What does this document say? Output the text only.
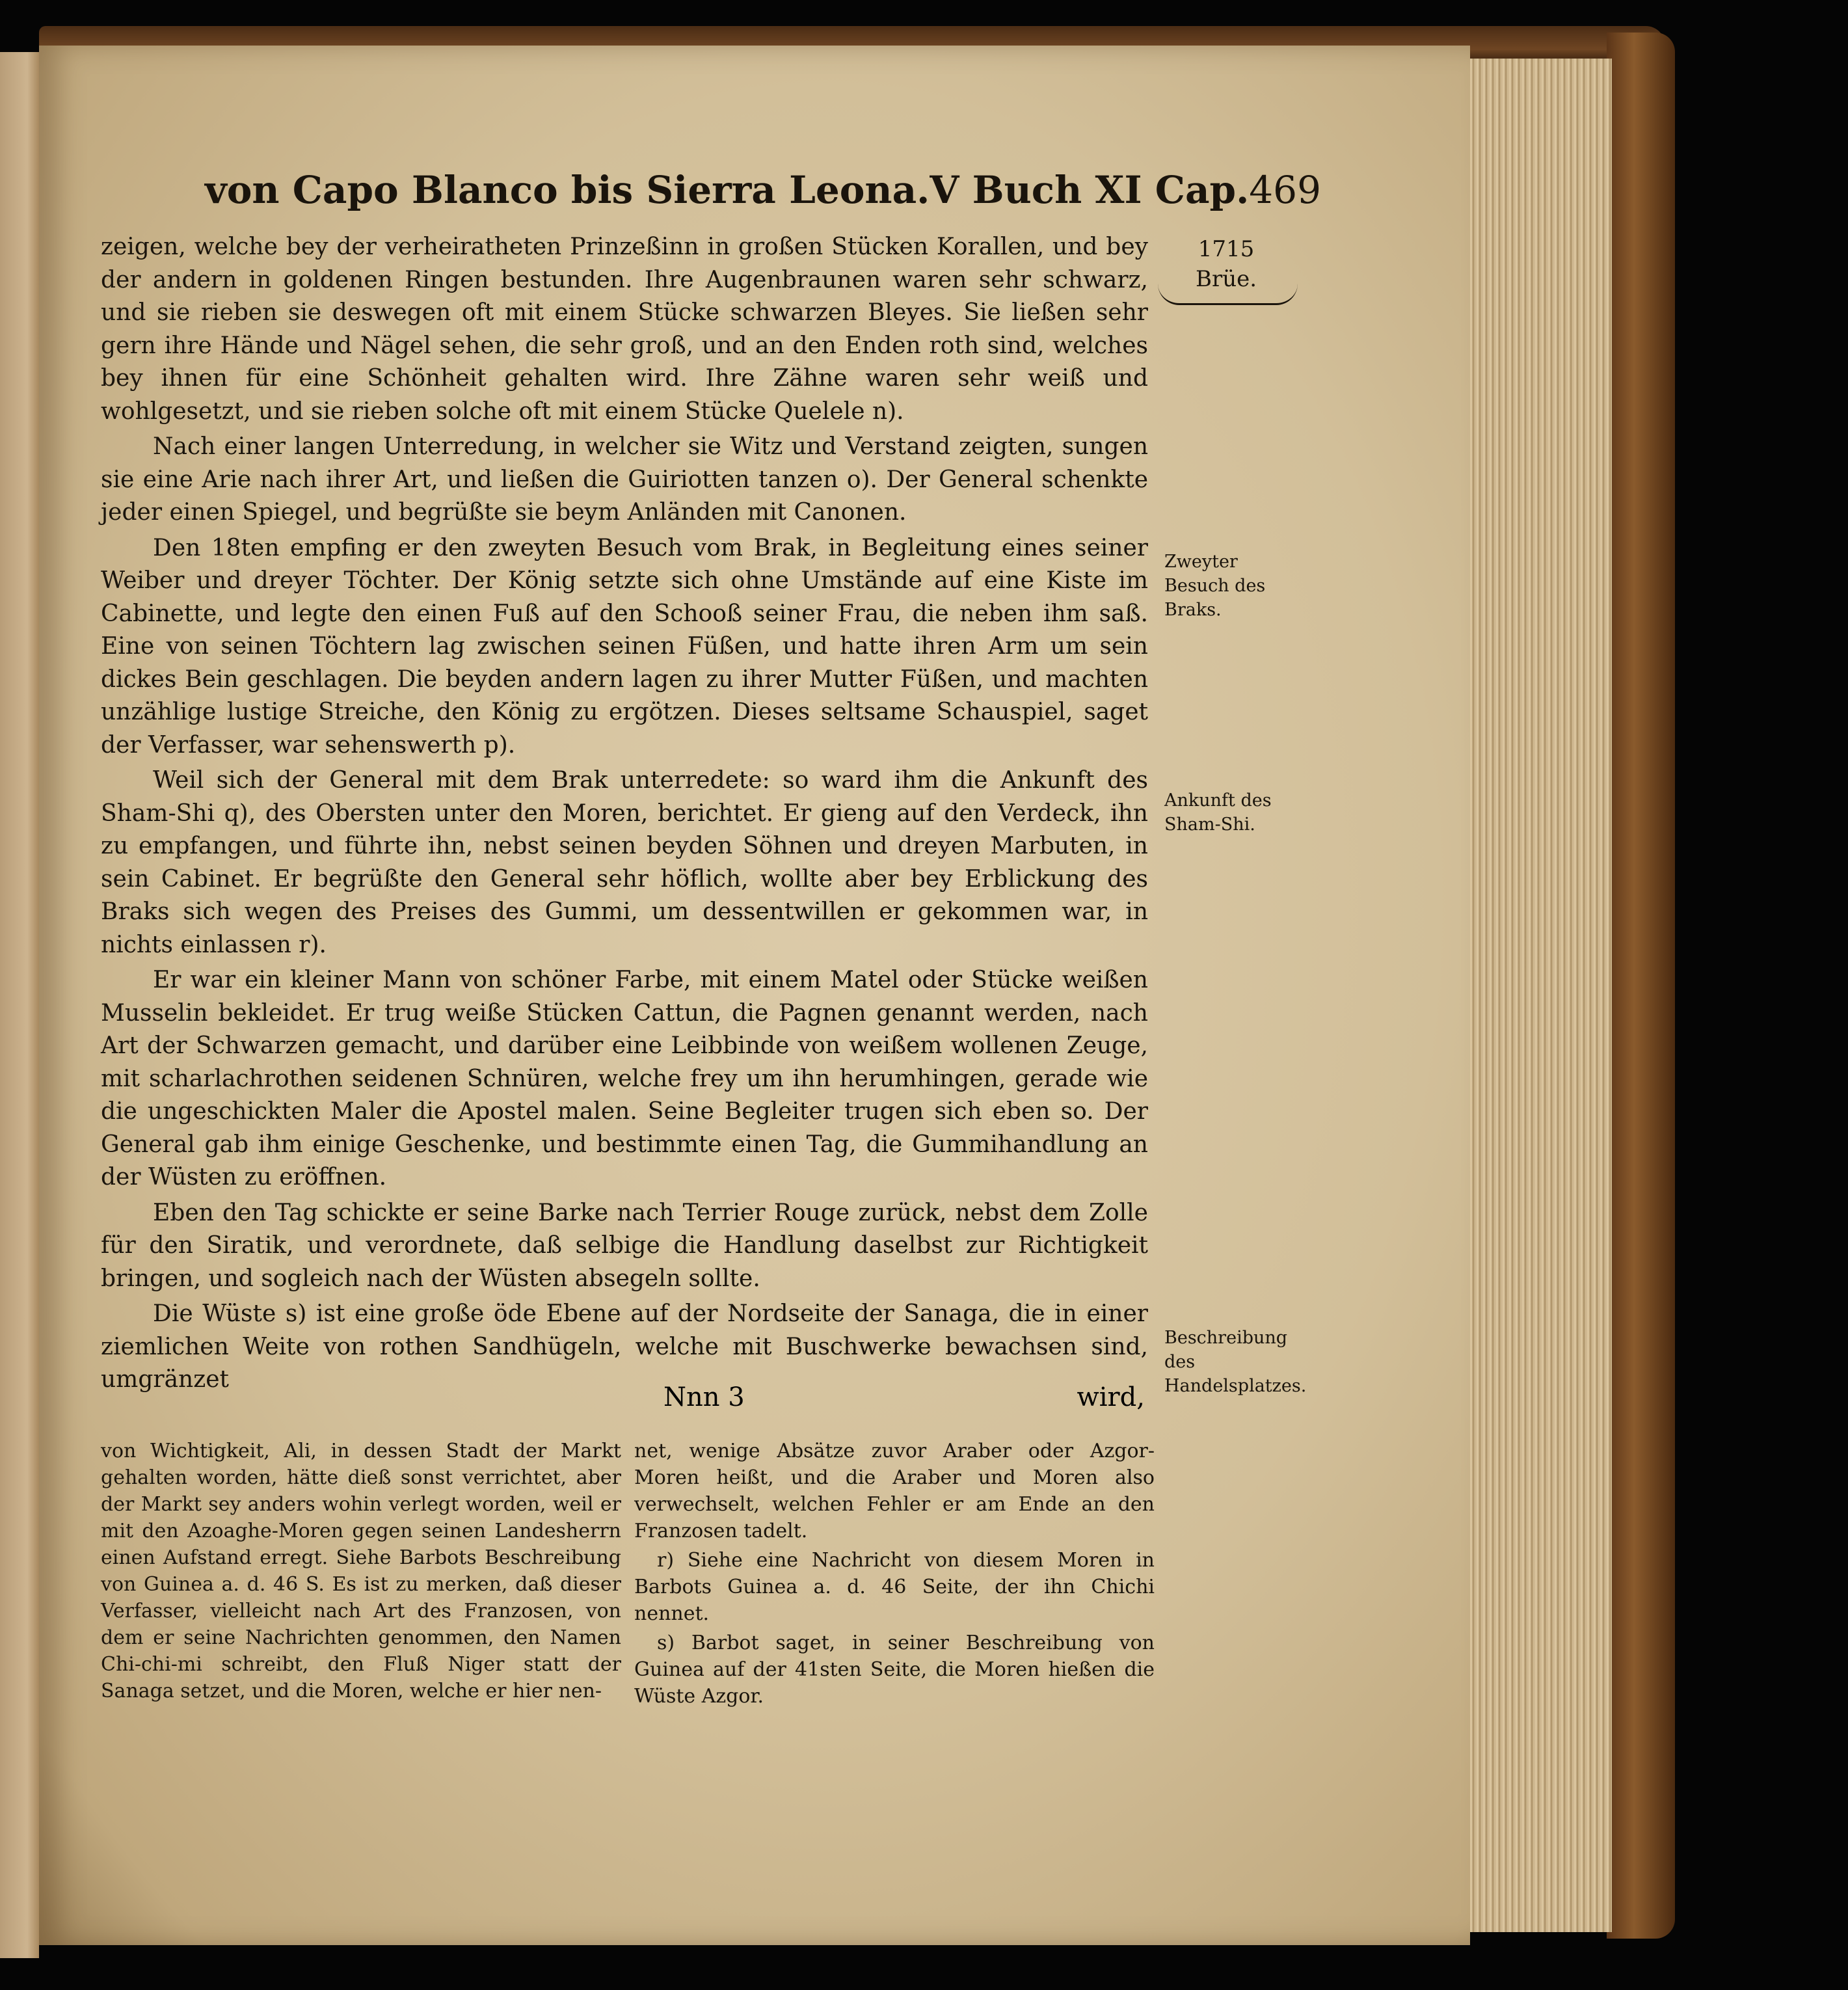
von Capo Blanco bis Sierra Leona. V Buch XI Cap. 469
1715
Brüe.

zeigen, welche bey der verheiratheten Prinzeßinn in großen Stücken Korallen, und bey der andern in goldenen Ringen bestunden. Ihre Augenbraunen waren sehr schwarz, und sie rieben sie deswegen oft mit einem Stücke schwarzen Bleyes. Sie ließen sehr gern ihre Hände und Nägel sehen, die sehr groß, und an den Enden roth sind, welches bey ihnen für eine Schönheit gehalten wird. Ihre Zähne waren sehr weiß und wohlgesetzt, und sie rieben solche oft mit einem Stücke Quelele n).

Nach einer langen Unterredung, in welcher sie Witz und Verstand zeigten, sungen sie eine Arie nach ihrer Art, und ließen die Guiriotten tanzen o). Der General schenkte jeder einen Spiegel, und begrüßte sie beym Anländen mit Canonen.

Den 18ten empfing er den zweyten Besuch vom Brak, in Begleitung eines seiner Weiber und dreyer Töchter. Der König setzte sich ohne Umstände auf eine Kiste im Cabinette, und legte den einen Fuß auf den Schooß seiner Frau, die neben ihm saß. Eine von seinen Töchtern lag zwischen seinen Füßen, und hatte ihren Arm um sein dickes Bein geschlagen. Die beyden andern lagen zu ihrer Mutter Füßen, und machten unzählige lustige Streiche, den König zu ergötzen. Dieses seltsame Schauspiel, saget der Verfasser, war sehenswerth p).

Weil sich der General mit dem Brak unterredete: so ward ihm die Ankunft des Sham-Shi q), des Obersten unter den Moren, berichtet. Er gieng auf den Verdeck, ihn zu empfangen, und führte ihn, nebst seinen beyden Söhnen und dreyen Marbuten, in sein Cabinet. Er begrüßte den General sehr höflich, wollte aber bey Erblickung des Braks sich wegen des Preises des Gummi, um dessentwillen er gekommen war, in nichts einlassen r).

Er war ein kleiner Mann von schöner Farbe, mit einem Matel oder Stücke weißen Musselin bekleidet. Er trug weiße Stücken Cattun, die Pagnen genannt werden, nach Art der Schwarzen gemacht, und darüber eine Leibbinde von weißem wollenen Zeuge, mit scharlachrothen seidenen Schnüren, welche frey um ihn herumhingen, gerade wie die ungeschickten Maler die Apostel malen. Seine Begleiter trugen sich eben so. Der General gab ihm einige Geschenke, und bestimmte einen Tag, die Gummihandlung an der Wüsten zu eröffnen.

Eben den Tag schickte er seine Barke nach Terrier Rouge zurück, nebst dem Zolle für den Siratik, und verordnete, daß selbige die Handlung daselbst zur Richtigkeit bringen, und sogleich nach der Wüsten absegeln sollte.

Die Wüste s) ist eine große öde Ebene auf der Nordseite der Sanaga, die in einer ziemlichen Weite von rothen Sandhügeln, welche mit Buschwerke bewachsen sind, umgränzet

Zweyter Besuch des Braks.
Ankunft des Sham-Shi.
Beschreibung des Handelsplatzes.
Nnn 3	wird,

von Wichtigkeit, Ali, in dessen Stadt der Markt gehalten worden, hätte dieß sonst verrichtet, aber der Markt sey anders wohin verlegt worden, weil er mit den Azoaghe-Moren gegen seinen Landesherrn einen Aufstand erregt. Siehe Barbots Beschreibung von Guinea a. d. 46 S. Es ist zu merken, daß dieser Verfasser, vielleicht nach Art des Franzosen, von dem er seine Nachrichten genommen, den Namen Chi-chi-mi schreibt, den Fluß Niger statt der Sanaga setzet, und die Moren, welche er hier nen-

net, wenige Absätze zuvor Araber oder Azgor-Moren heißt, und die Araber und Moren also verwechselt, welchen Fehler er am Ende an den Franzosen tadelt.

r) Siehe eine Nachricht von diesem Moren in Barbots Guinea a. d. 46 Seite, der ihn Chichi nennet.

s) Barbot saget, in seiner Beschreibung von Guinea auf der 41sten Seite, die Moren hießen die Wüste Azgor.
